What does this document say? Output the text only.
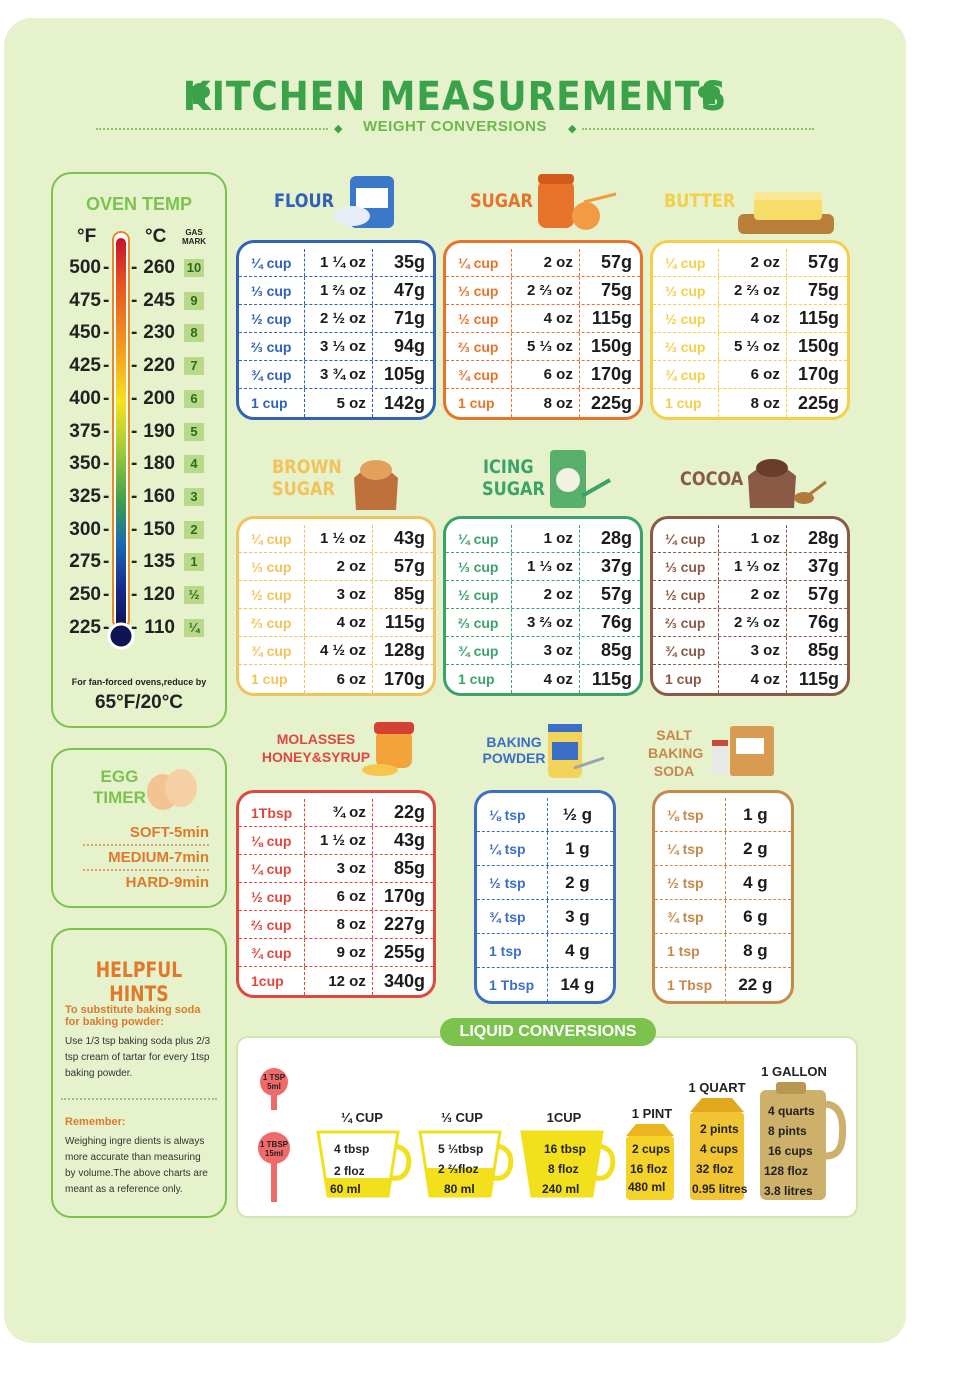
KITCHEN MEASUREMENTS
◆	◆
WEIGHT CONVERSIONS
OVEN TEMP
°F	°C	GAS MARK
500 - - 260 10
475 - - 245	9
450 - - 230	8
425 - - 220	7
400 - - 200	6
375 - - 190	5
350 - - 180	4
325 - - 160	3
300 - - 150	2
275 - - 135	1
250 - - 120	½
225 - - 110	¼
For fan-forced ovens,reduce by
65°F/20°C
EGG
TIMER
SOFT-5min
MEDIUM-7min
HARD-9min
HELPFUL HINTS
To substitute baking soda for baking powder:
Use 1/3 tsp baking soda plus 2/3 tsp cream of tartar for every 1tsp baking powder.
Remember:
Weighing ingre dients is always more accurate than measuring by volume.The above charts are meant as a reference only.
FLOUR	SUGAR	BUTTER
BROWN SUGAR
ICING SUGAR	COCOA
MOLASSES HONEY&SYRUP
BAKING POWDER
SALT BAKING SODA
¼ cup	1 ¼ oz	35g
⅓ cup	1 ⅔ oz	47g
½ cup	2 ½ oz	71g
⅔ cup	3 ⅓ oz	94g
¾ cup	3 ¾ oz	105g
1 cup	5 oz	142g
¼ cup	2 oz	57g
⅓ cup	2 ⅔ oz	75g
½ cup	4 oz	115g
⅔ cup	5 ⅓ oz	150g
¾ cup	6 oz	170g
1 cup	8 oz	225g
¼ cup	2 oz	57g
⅓ cup	2 ⅔ oz	75g
½ cup	4 oz	115g
⅔ cup	5 ⅓ oz	150g
¾ cup	6 oz	170g
1 cup	8 oz	225g
¼ cup	1 ½ oz	43g
⅓ cup	2 oz	57g
½ cup	3 oz	85g
⅔ cup	4 oz	115g
¾ cup	4 ½ oz	128g
1 cup	6 oz	170g
¼ cup	1 oz	28g
⅓ cup	1 ⅓ oz	37g
½ cup	2 oz	57g
⅔ cup	3 ⅔ oz	76g
¾ cup	3 oz	85g
1 cup	4 oz	115g
¼ cup	1 oz	28g
⅓ cup	1 ⅓ oz	37g
½ cup	2 oz	57g
⅔ cup	2 ⅔ oz	76g
¾ cup	3 oz	85g
1 cup	4 oz	115g
1Tbsp	¾ oz	22g
⅛ cup	1 ½ oz	43g
¼ cup	3 oz	85g
½ cup	6 oz	170g
⅔ cup	8 oz	227g
¾ cup	9 oz	255g
1cup	12 oz	340g
⅛ tsp	½ g
¼ tsp	1 g
½ tsp	2 g
¾ tsp	3 g
1 tsp	4 g
1 Tbsp	14 g
⅛ tsp	1 g
¼ tsp	2 g
½ tsp	4 g
¾ tsp	6 g
1 tsp	8 g
1 Tbsp	22 g
LIQUID CONVERSIONS
1 TSP 5ml
1 TBSP 15ml
¼ CUP
4 tbsp
2 floz
60 ml
⅓ CUP
5 ⅓tbsp
2 ⅔floz
80 ml
1CUP
16 tbsp
8 floz
240 ml
1 PINT
2 cups
16 floz
480 ml
1 QUART
2 pints
4 cups
32 floz
0.95 litres
1 GALLON
4 quarts
8 pints
16 cups
128 floz
3.8 litres
